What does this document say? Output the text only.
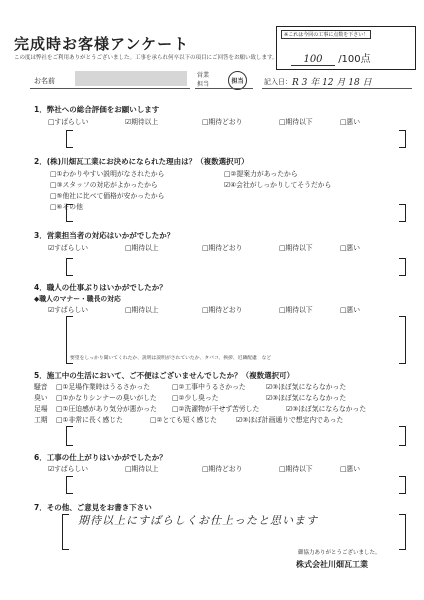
完成時お客様アンケート
この度は弊社をご利用ありがとうございました。工事を承られ何卒以下の項目にご回答をお願い致します。
※これは今回の工事に点数を下さい！
100 /100点
お名前
営業
担当	担当	記入日： R 3 年 12 月 18 日
1．弊社への総合評価をお願いします
□すばらしい	☑期待以上	□期待どおり	□期待以下	□悪い
2．(株)川畑瓦工業にお決めになられた理由は？（複数選択可）
□①わかりやすい説明がなされたから	□②提案力があったから
□③スタッフの対応がよかったから	☑④会社がしっかりしてそうだから
□⑤他社に比べて価格が安かったから
□⑥その他
3．営業担当者の対応はいかがでしたか？
☑すばらしい	□期待以上	□期待どおり	□期待以下	□悪い
4．職人の仕事ぶりはいかがでしたか？
◆職人のマナー・職長の対応
☑すばらしい	□期待以上	□期待どおり	□期待以下	□悪い
要望をしっかり聞いてくれたか、説明は説明がされていたか、タバコ、挨拶、近隣配慮　など
5．施工中の生活において、ご不便はございませんでしたか？（複数選択可）
騒音 □①足場作業時はうるさかった	□②工事中うるさかった	☑③ほぼ気にならなかった
臭い □①かなりシンナーの臭いがした □②少し臭った	☑③ほぼ気にならなかった
足場 □①圧迫感があり気分が悪かった □②洗濯物が干せず苦労した	☑③ほぼ気にならなかった
工期 □①非常に長く感じた	□②とても短く感じた	☑③ほぼ計画通りで想定内であった
6．工事の仕上がりはいかがでしたか？
☑すばらしい	□期待以上	□期待どおり	□期待以下	□悪い
7．その他、ご意見をお書き下さい
期待以上にすばらしくお仕上ったと思います
御協力ありがとうございました。
株式会社川畑瓦工業
